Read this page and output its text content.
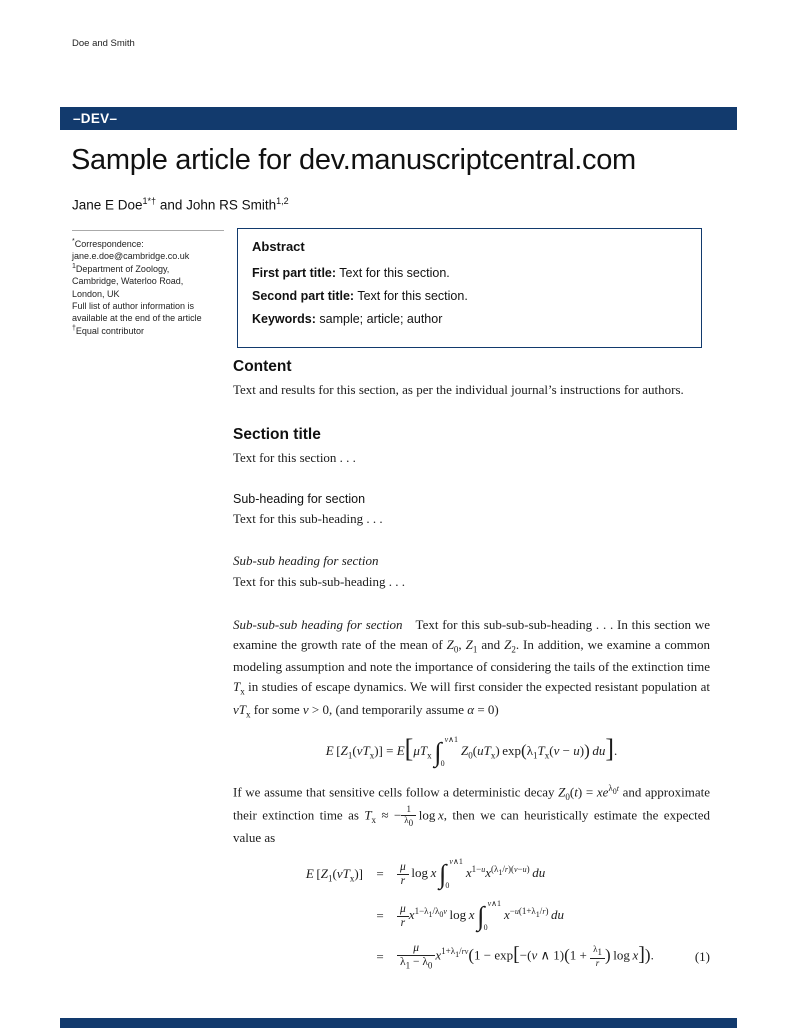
Doe and Smith
–DEV–
Sample article for dev.manuscriptcentral.com
Jane E Doe$^{1*\dagger}$ and John RS Smith$^{1,2}$
*Correspondence:
jane.e.doe@cambridge.co.uk
$^1$Department of Zoology,
Cambridge, Waterloo Road,
London, UK
Full list of author information is
available at the end of the article
†Equal contributor
Abstract
First part title: Text for this section.
Second part title: Text for this section.
Keywords: sample; article; author
Content

Text and results for this section, as per the individual journal’s instructions for authors.

Section title

Text for this section . . .

Sub-heading for section

Text for this sub-heading . . .

Sub-sub heading for section

Text for this sub-sub-heading . . .

Sub-sub-sub heading for section  Text for this sub-sub-sub-heading . . . In this section we examine the growth rate of the mean of $Z_0$, $Z_1$ and $Z_2$. In addition, we examine a common modeling assumption and note the importance of considering the tails of the extinction time $T_x$ in studies of escape dynamics. We will first consider the expected resistant population at $vT_x$ for some v > 0, (and temporarily assume α = 0)

E $[Z_1(vT_x)] = E[\mu T_x$ ∫ v∧1
0
$Z_0(uT_x) \exp(\lambda_1T_x(v - u))$  du].

If we assume that sensitive cells follow a deterministic decay $Z_0(t) = xe^{\lambda_0t}$ and approximate their extinction time as $T_x$ ≈ − $\frac{1}{\lambda_0}$  log x, then we can heuristically estimate the expected value as

E $[Z_1(vT_x)]$	=	$\frac{\mu}{r}$  log x ∫ v∧1
0
$x^{1-u}x^{(\lambda_1/r)(v-u)}$  du
=	$\frac{\mu}{r} x^{1-\lambda_1/\lambda_0v}$ log x ∫ v∧1
0
$x^{-u(1+\lambda_1/r)}$  du
=	$\frac{\mu}{\lambda_1 - \lambda_0} x^{1+\lambda_1/rv}(1 - \exp[-(v$ ∧ $1)(1 + \frac{\lambda_1}{r}$ ) log x]).	(1)
